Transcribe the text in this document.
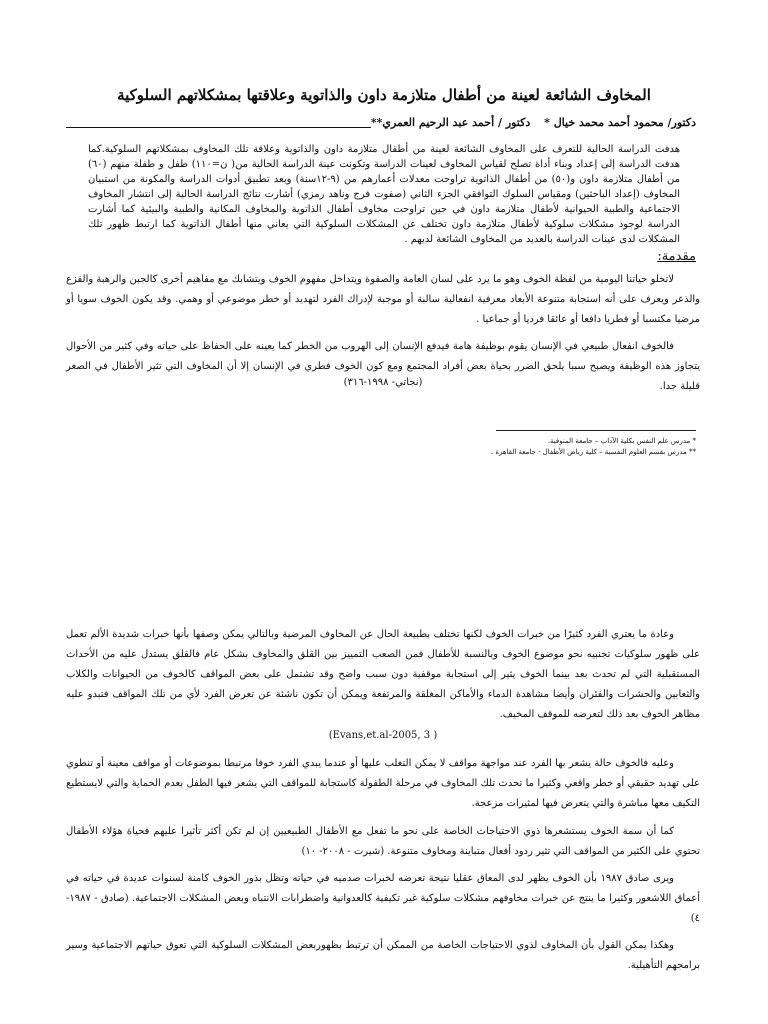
المخاوف الشائعة لعينة من أطفال متلازمة داون والذاتوية وعلاقتها بمشكلاتهم السلوكية
دكتور/ محمود أحمد محمد خيال * دكتور / أحمد عبد الرحيم العمري**
هدفت الدراسة الحالية للتعرف على المخاوف الشائعة لعينة من أطفال متلازمة داون والذاتوية وعلاقة تلك المخاوف بمشكلاتهم السلوكية.كما هدفت الدراسة إلى إعداد وبناء أداة تصلح لقياس المخاوف لعينات الدراسة وتكونت عينة الدراسة الحالية من( ن=١١٠) طفل و طفلة منهم (٦٠) من أطفال متلازمة داون و(٥٠) من أطفال الذاتوية تراوحت معدلات أعمارهم من (٩-١٢سنة) وبعد تطبيق أدوات الدراسة والمكونة من استبيان المخاوف (إعداد الباحثين) ومقياس السلوك التوافقي الجزء الثاني (صفوت فرج وناهد رمزي) أشارت نتائج الدراسة الحالية إلى انتشار المخاوف الاجتماعية والطبية الحيوانية لأطفال متلازمة داون في حين تراوحت مخاوف أطفال الذاتوية والمخاوف المكانية والطبية والبيئية كما أشارت الدراسة لوجود مشكلات سلوكية لأطفال متلازمة داون تختلف عن المشكلات السلوكية التي يعاني منها أطفال الذاتوية كما ارتبط ظهور تلك المشكلات لدى عينات الدراسة بالعديد من المخاوف الشائعة لديهم .
مقدمة:
لاتخلو حياتنا اليومية من لفظة الخوف وهو ما يرد على لسان العامة والصفوة ويتداخل مفهوم الخوف ويتشابك مع مفاهيم أخرى كالجبن والرهبة والفزع والذعر ويعرف على أنه استجابة متنوعة الأبعاد معرفية انفعالية سالبة أو موجبة لإدراك الفرد لتهديد أو خطر موضوعي أو وهمي. وقد يكون الخوف سويا أو مرضيا مكتسبا أو فطريا دافعا أو عائقا فرديا أو جماعيا .
فالخوف انفعال طبيعي في الإنسان يقوم بوظيفة هامة فيدفع الإنسان إلى الهروب من الخطر كما يعينه على الحفاظ على حياته وفي كثير من الأحوال يتجاوز هذه الوظيفة ويصبح سببا يلحق الضرر بحياة بعض أفراد المجتمع ومع كون الخوف فطري في الإنسان إلا أن المخاوف التي تثير الأطفال في الصغر قليلة جدا.
(نجاتي- ١٩٩٨-٣١٦)
* مدرس علم النفس بكلية الآداب – جامعة المنوفية.
** مدرس بقسم العلوم النفسية – كلية رياض الأطفال - جامعة القاهرة .
وعادة ما يعتري الفرد كثيرًا من خبرات الخوف لكنها تختلف بطبيعة الحال عن المخاوف المرضية وبالتالي يمكن وصفها بأنها خبرات شديدة الألم تعمل على ظهور سلوكيات تجنبيه نحو موضوع الخوف وبالنسبة للأطفال فمن الصعب التمييز بين القلق والمخاوف بشكل عام فالقلق يستدل عليه من الأحداث المستقبلية التي لم تحدث بعد بينما الخوف يثير إلى استجابة موقفية دون سبب واضح وقد تشتمل على بعض المواقف كالخوف من الحيوانات والكلاب والثعابين والحشرات والفئران وأيضا مشاهدة الدماء والأماكن المغلقة والمرتفعة ويمكن أن تكون ناشئة عن تعرض الفرد لأي من تلك المواقف فتبدو عليه مظاهر الخوف بعد ذلك لتعرضه للموقف المخيف.
( Evans,et.al-2005, 3)
وعليه فالخوف حالة يشعر بها الفرد عند مواجهة مواقف لا يمكن التغلب عليها أو عندما يبدي الفرد خوفا مرتبطا بموضوعات أو مواقف معينة أو تنطوي على تهديد حقيقي أو خطر واقعي وكثيرا ما تحدث تلك المخاوف في مرحلة الطفولة كاستجابة للمواقف التي يشعر فيها الطفل بعدم الحماية والتي لايستطيع التكيف معها مباشرة والتي يتعرض فيها لمثيرات مزعجة.
كما أن سمة الخوف يستشعرها ذوي الاحتياجات الخاصة على نحو ما تفعل مع الأطفال الطبيعيين إن لم تكن أكثر تأثيرا عليهم فحياة هؤلاء الأطفال تحتوي على الكثير من المواقف التي تثير ردود أفعال متباينة ومخاوف متنوعة. (شيرت - ٢٠٠٨- ١٠)
ويرى صادق ١٩٨٧ بأن الخوف يظهر لدى المعاق عقليا نتيجة تعرضه لخبرات صدميه في حياته وتظل بذور الخوف كامنة لسنوات عديدة في حياته في أعماق اللاشعور وكثيرا ما ينتج عن خبرات مخاوفهم مشكلات سلوكية غير تكيفية كالعدوانية واضطرابات الانتباه وبعض المشكلات الاجتماعية. (صادق - ١٩٨٧- ٤)
وهكذا يمكن القول بأن المخاوف لذوي الاحتياجات الخاصة من الممكن أن ترتبط بظهوربعض المشكلات السلوكية التي تعوق حياتهم الاجتماعية وسير برامجهم التأهيلية.
